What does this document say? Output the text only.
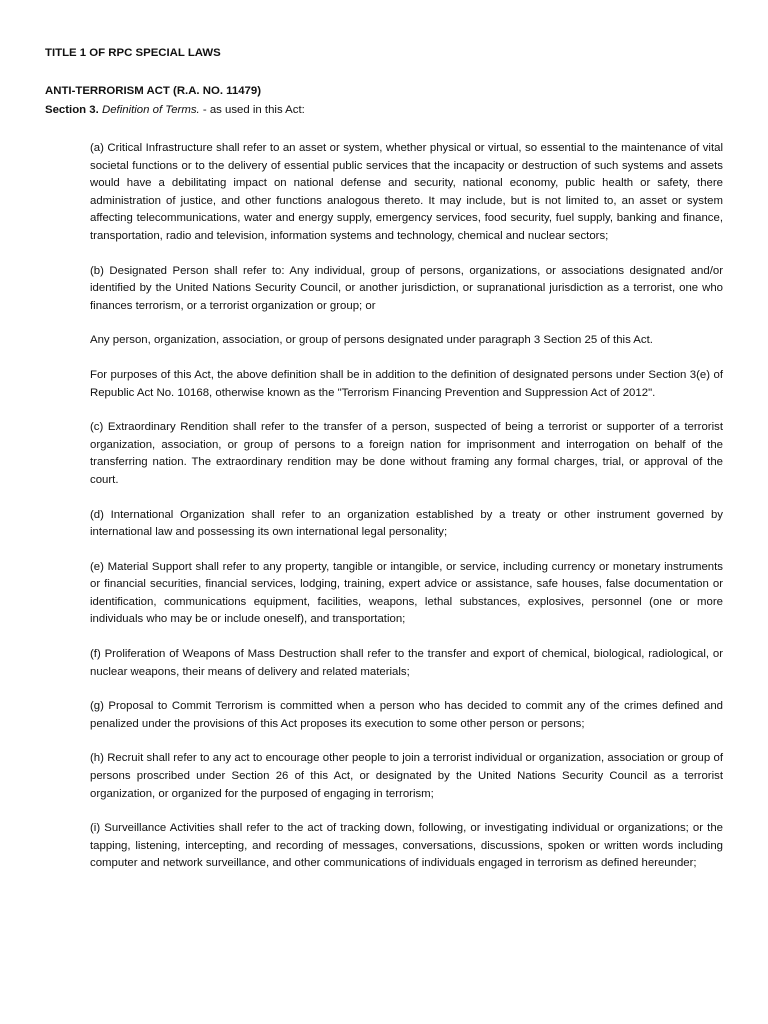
TITLE 1 OF RPC SPECIAL LAWS
ANTI-TERRORISM ACT (R.A. NO. 11479)
Section 3. Definition of Terms. - as used in this Act:

(a) Critical Infrastructure shall refer to an asset or system, whether physical or virtual, so essential to the maintenance of vital societal functions or to the delivery of essential public services that the incapacity or destruction of such systems and assets would have a debilitating impact on national defense and security, national economy, public health or safety, there administration of justice, and other functions analogous thereto. It may include, but is not limited to, an asset or system affecting telecommunications, water and energy supply, emergency services, food security, fuel supply, banking and finance, transportation, radio and television, information systems and technology, chemical and nuclear sectors;

(b) Designated Person shall refer to: Any individual, group of persons, organizations, or associations designated and/or identified by the United Nations Security Council, or another jurisdiction, or supranational jurisdiction as a terrorist, one who finances terrorism, or a terrorist organization or group; or

Any person, organization, association, or group of persons designated under paragraph 3 Section 25 of this Act.

For purposes of this Act, the above definition shall be in addition to the definition of designated persons under Section 3(e) of Republic Act No. 10168, otherwise known as the "Terrorism Financing Prevention and Suppression Act of 2012".

(c) Extraordinary Rendition shall refer to the transfer of a person, suspected of being a terrorist or supporter of a terrorist organization, association, or group of persons to a foreign nation for imprisonment and interrogation on behalf of the transferring nation. The extraordinary rendition may be done without framing any formal charges, trial, or approval of the court.

(d) International Organization shall refer to an organization established by a treaty or other instrument governed by international law and possessing its own international legal personality;

(e) Material Support shall refer to any property, tangible or intangible, or service, including currency or monetary instruments or financial securities, financial services, lodging, training, expert advice or assistance, safe houses, false documentation or identification, communications equipment, facilities, weapons, lethal substances, explosives, personnel (one or more individuals who may be or include oneself), and transportation;

(f) Proliferation of Weapons of Mass Destruction shall refer to the transfer and export of chemical, biological, radiological, or nuclear weapons, their means of delivery and related materials;

(g) Proposal to Commit Terrorism is committed when a person who has decided to commit any of the crimes defined and penalized under the provisions of this Act proposes its execution to some other person or persons;

(h) Recruit shall refer to any act to encourage other people to join a terrorist individual or organization, association or group of persons proscribed under Section 26 of this Act, or designated by the United Nations Security Council as a terrorist organization, or organized for the purposed of engaging in terrorism;

(i) Surveillance Activities shall refer to the act of tracking down, following, or investigating individual or organizations; or the tapping, listening, intercepting, and recording of messages, conversations, discussions, spoken or written words including computer and network surveillance, and other communications of individuals engaged in terrorism as defined hereunder;
